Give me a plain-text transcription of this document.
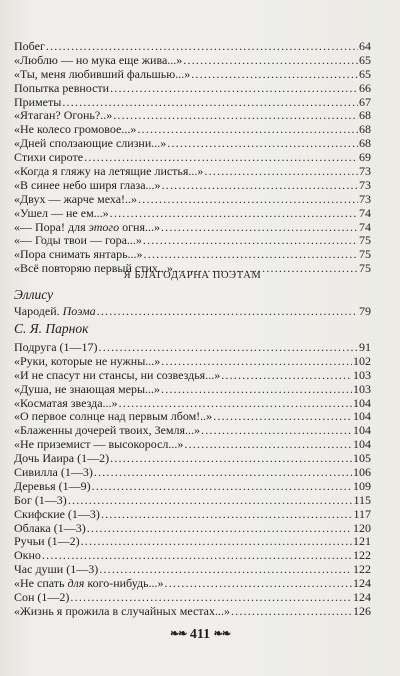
Побег .....	64
«Люблю — но мука еще жива...» .....	65
«Ты, меня любивший фальшью...» .....	65
Попытка ревности .....	66
Приметы .....	67
«Ятаган? Огонь?..» .....	68
«Не колесо громовое...» .....	68
«Дней сползающие слизни...» .....	68
Стихи сироте .....	69
«Когда я гляжу на летящие листья...» .....	73
«В синее небо ширя глаза...» .....	73
«Двух — жарче меха!..» .....	73
«Ушел — не ем...» .....	74
«— Пора! для этого огня...» .....	74
«— Годы твои — гора...» .....	75
«Пора снимать янтарь...» .....	75
«Всё повторяю первый стих...» .....	75
Я БЛАГОДАРНА ПОЭТАМ
Эллису
Чародей. Поэма .....	79
С. Я. Парнок
Подруга (1—17) .....	91
«Руки, которые не нужны...» .....	102
«И не спасут ни стансы, ни созвездья...» .....	103
«Душа, не знающая меры...» .....	103
«Косматая звезда...» .....	104
«О первое солнце над первым лбом!..» .....	104
«Блаженны дочерей твоих, Земля...» .....	104
«Не приземист — высокоросл...» .....	104
Дочь Иаира (1—2) .....	105
Сивилла (1—3) .....	106
Деревья (1—9) .....	109
Бог (1—3) .....	115
Скифские (1—3) .....	117
Облака (1—3) .....	120
Ручьи (1—2) .....	121
Окно .....	122
Час души (1—3) .....	122
«Не спать для кого-нибудь...» .....	124
Сон (1—2) .....	124
«Жизнь я прожила в случайных местах...» .....	126
❧❧ 411 ❧❧
